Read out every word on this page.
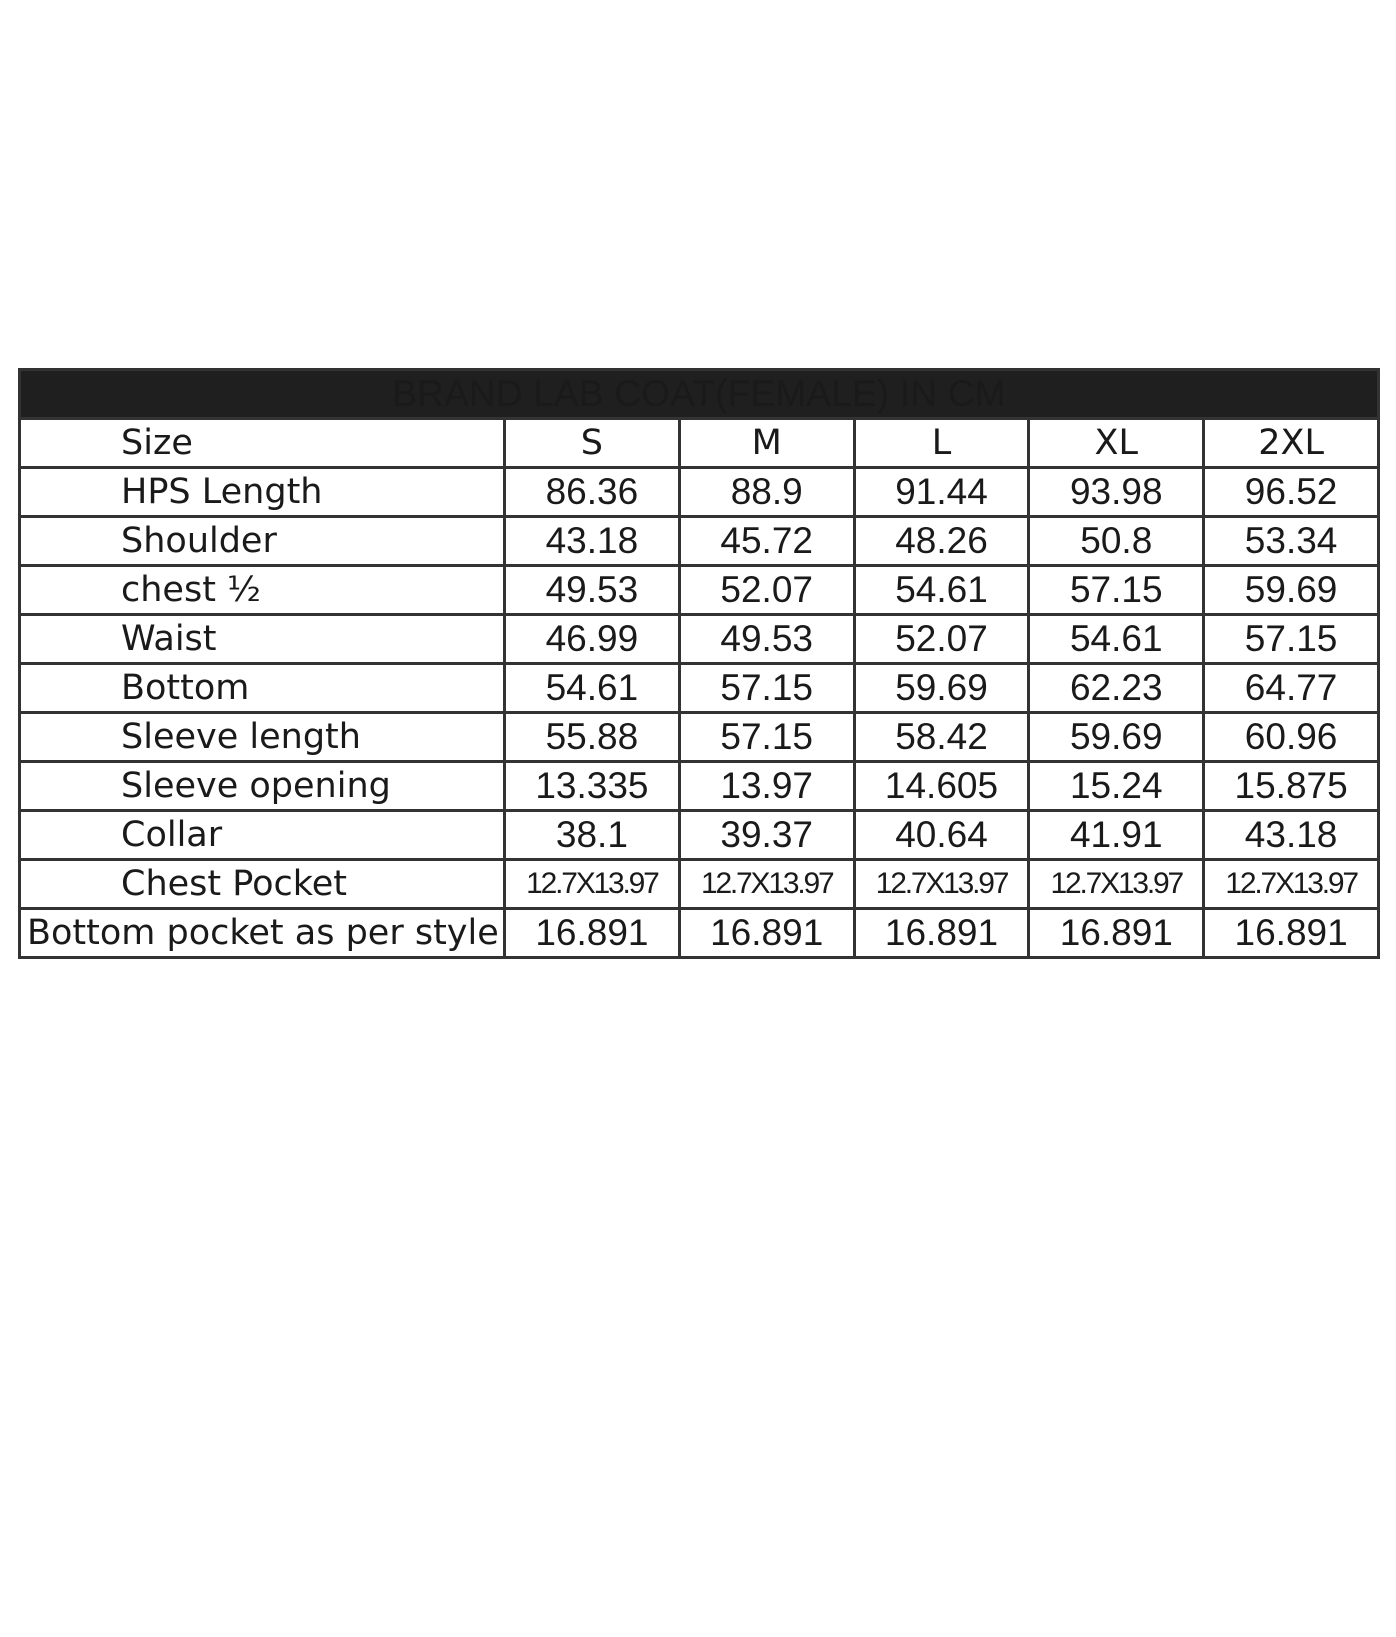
BRAND LAB COAT(FEMALE) IN CM					
Size	S	M	L	XL	2XL
HPS Length	86.36	88.9	91.44	93.98	96.52
Shoulder	43.18	45.72	48.26	50.8	53.34
chest ½	49.53	52.07	54.61	57.15	59.69
Waist	46.99	49.53	52.07	54.61	57.15
Bottom	54.61	57.15	59.69	62.23	64.77
Sleeve length	55.88	57.15	58.42	59.69	60.96
Sleeve opening	13.335	13.97	14.605	15.24	15.875
Collar	38.1	39.37	40.64	41.91	43.18
Chest Pocket	12.7X13.97	12.7X13.97	12.7X13.97	12.7X13.97	12.7X13.97
Bottom pocket as per style	16.891	16.891	16.891	16.891	16.891
